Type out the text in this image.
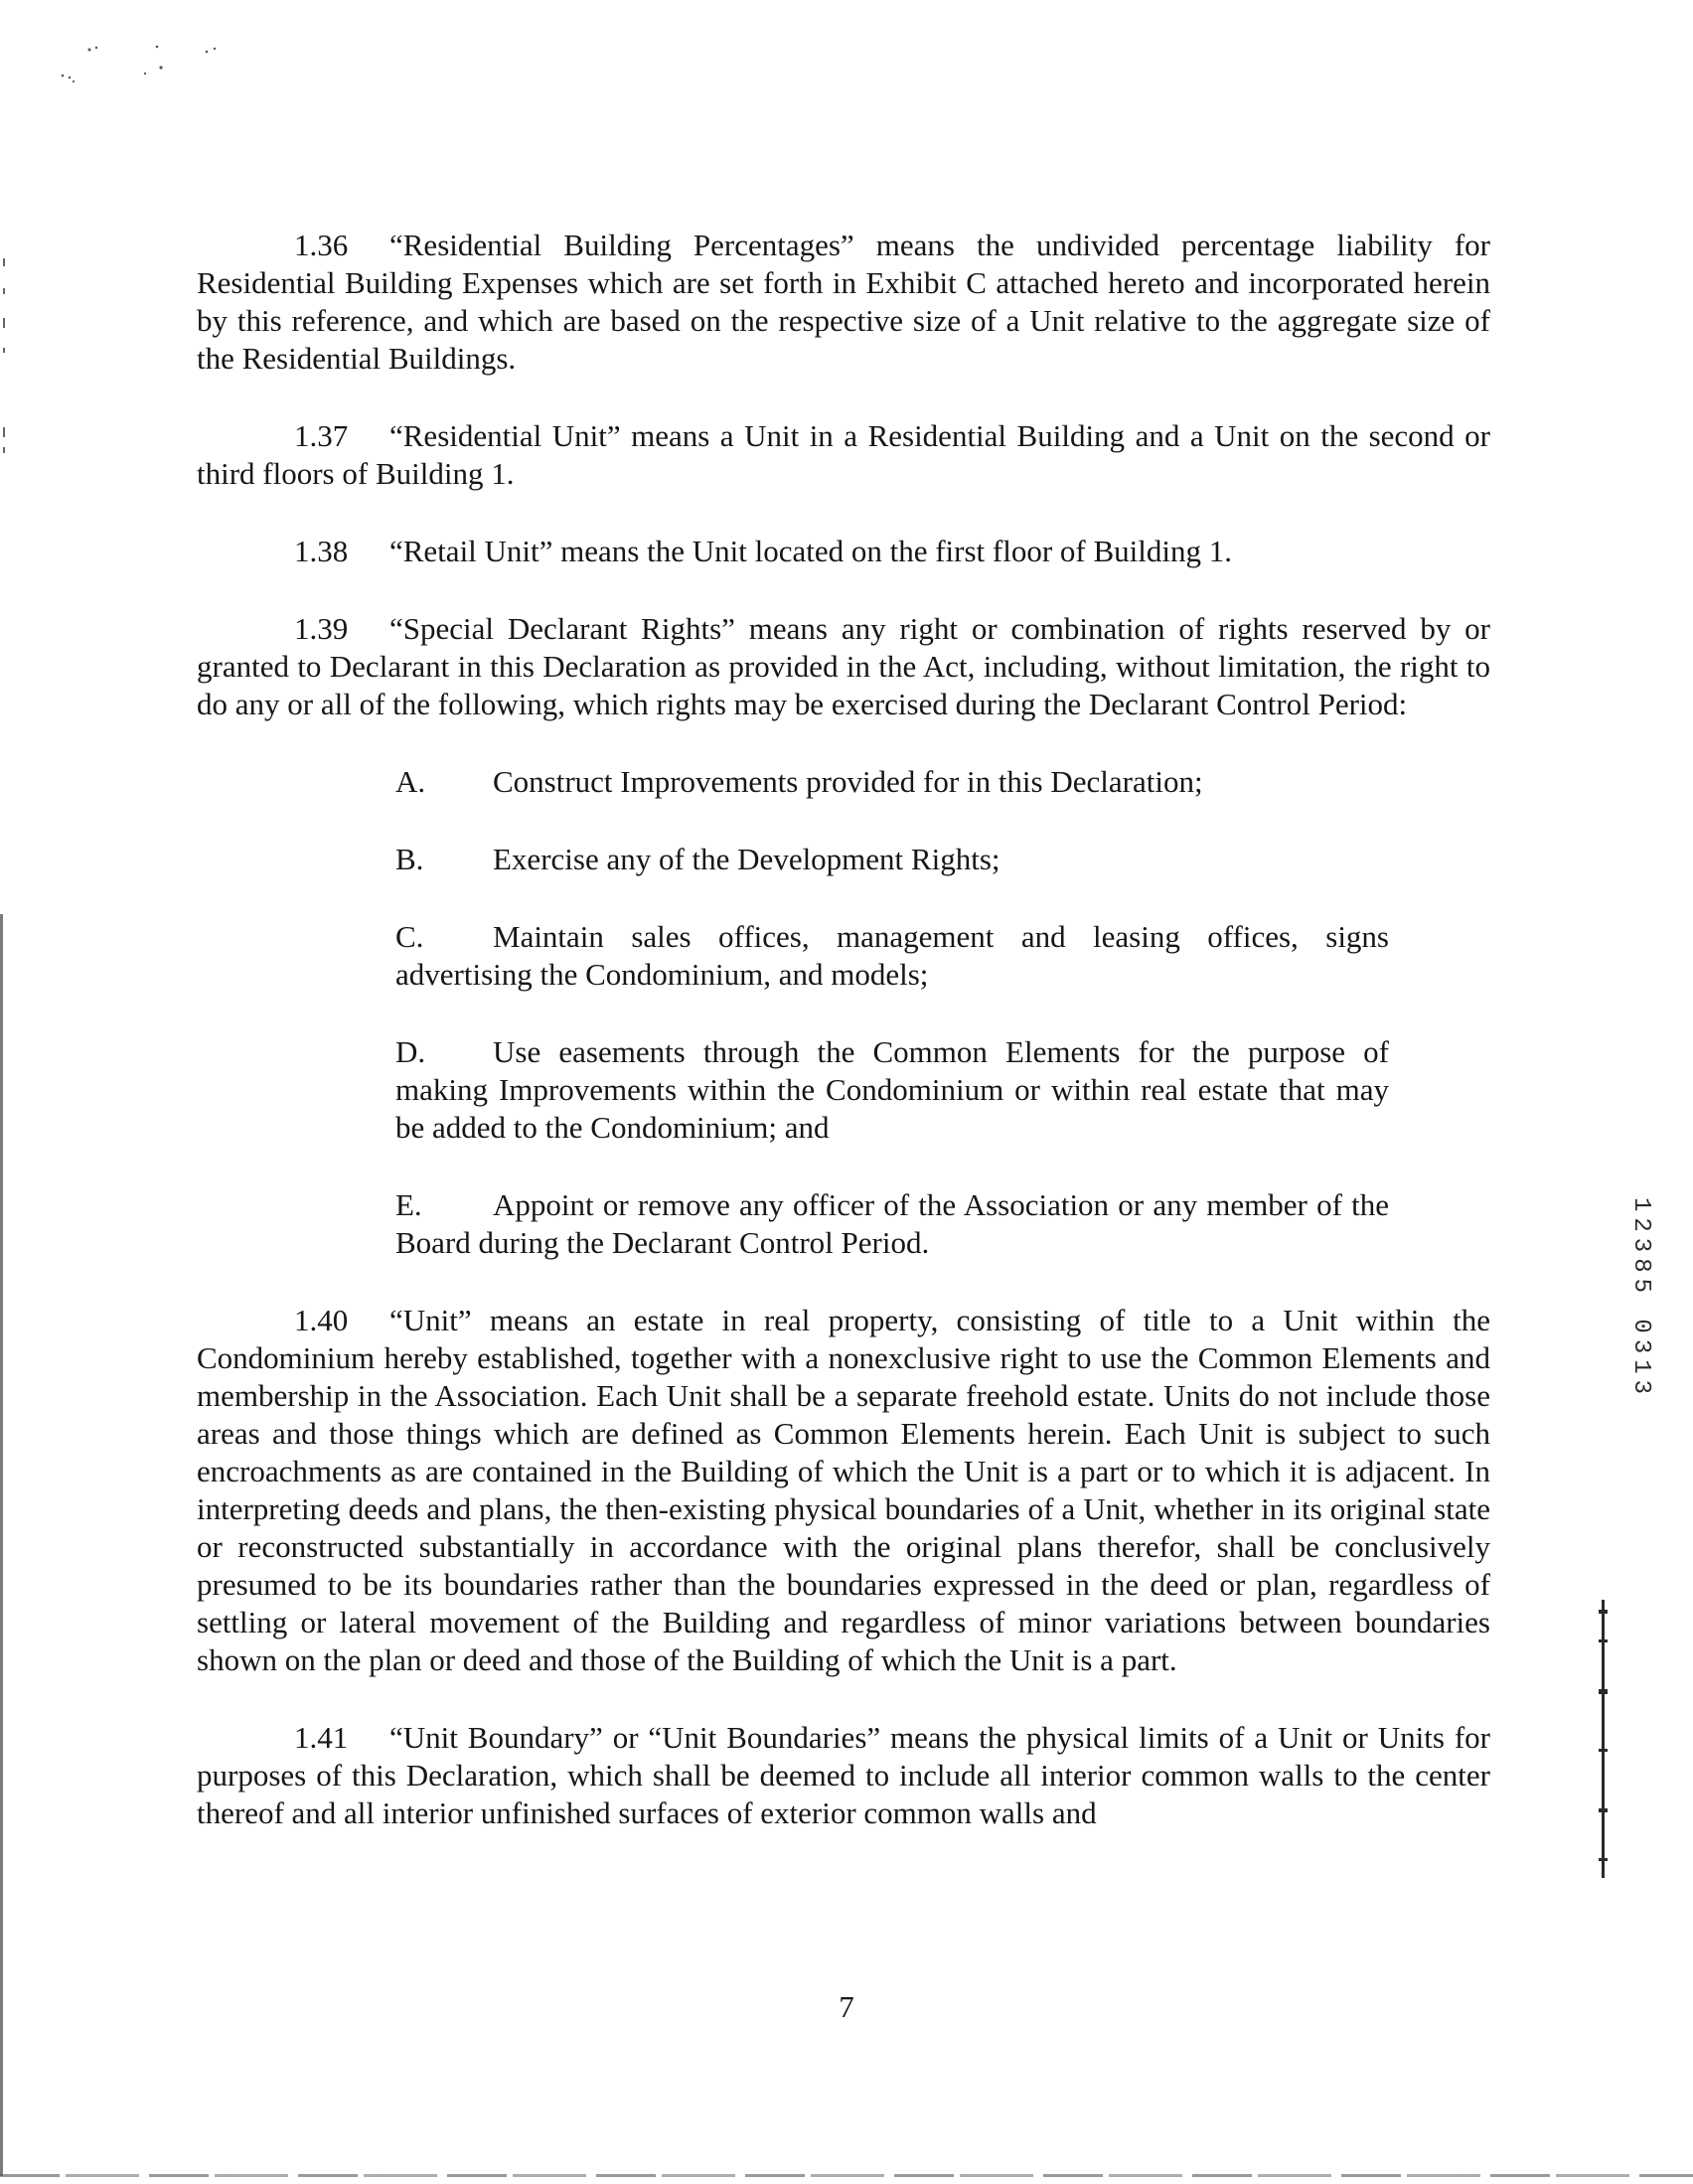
1.36 “Residential Building Percentages” means the undivided percentage liability for Residential Building Expenses which are set forth in Exhibit C attached hereto and incorporated herein by this reference, and which are based on the respective size of a Unit relative to the aggregate size of the Residential Buildings.

1.37 “Residential Unit” means a Unit in a Residential Building and a Unit on the second or third floors of Building 1.

1.38 “Retail Unit” means the Unit located on the first floor of Building 1.

1.39 “Special Declarant Rights” means any right or combination of rights reserved by or granted to Declarant in this Declaration as provided in the Act, including, without limitation, the right to do any or all of the following, which rights may be exercised during the Declarant Control Period:

A. Construct Improvements provided for in this Declaration;

B. Exercise any of the Development Rights;

C. Maintain sales offices, management and leasing offices, signs advertising the Condominium, and models;

D. Use easements through the Common Elements for the purpose of making Improvements within the Condominium or within real estate that may be added to the Condominium; and

E. Appoint or remove any officer of the Association or any member of the Board during the Declarant Control Period.

1.40 “Unit” means an estate in real property, consisting of title to a Unit within the Condominium hereby established, together with a nonexclusive right to use the Common Elements and membership in the Association. Each Unit shall be a separate freehold estate. Units do not include those areas and those things which are defined as Common Elements herein. Each Unit is subject to such encroachments as are contained in the Building of which the Unit is a part or to which it is adjacent. In interpreting deeds and plans, the then-existing physical boundaries of a Unit, whether in its original state or reconstructed substantially in accordance with the original plans therefor, shall be conclusively presumed to be its boundaries rather than the boundaries expressed in the deed or plan, regardless of settling or lateral movement of the Building and regardless of minor variations between boundaries shown on the plan or deed and those of the Building of which the Unit is a part.

1.41 “Unit Boundary” or “Unit Boundaries” means the physical limits of a Unit or Units for purposes of this Declaration, which shall be deemed to include all interior common walls to the center thereof and all interior unfinished surfaces of exterior common walls and

12385 0313
7
